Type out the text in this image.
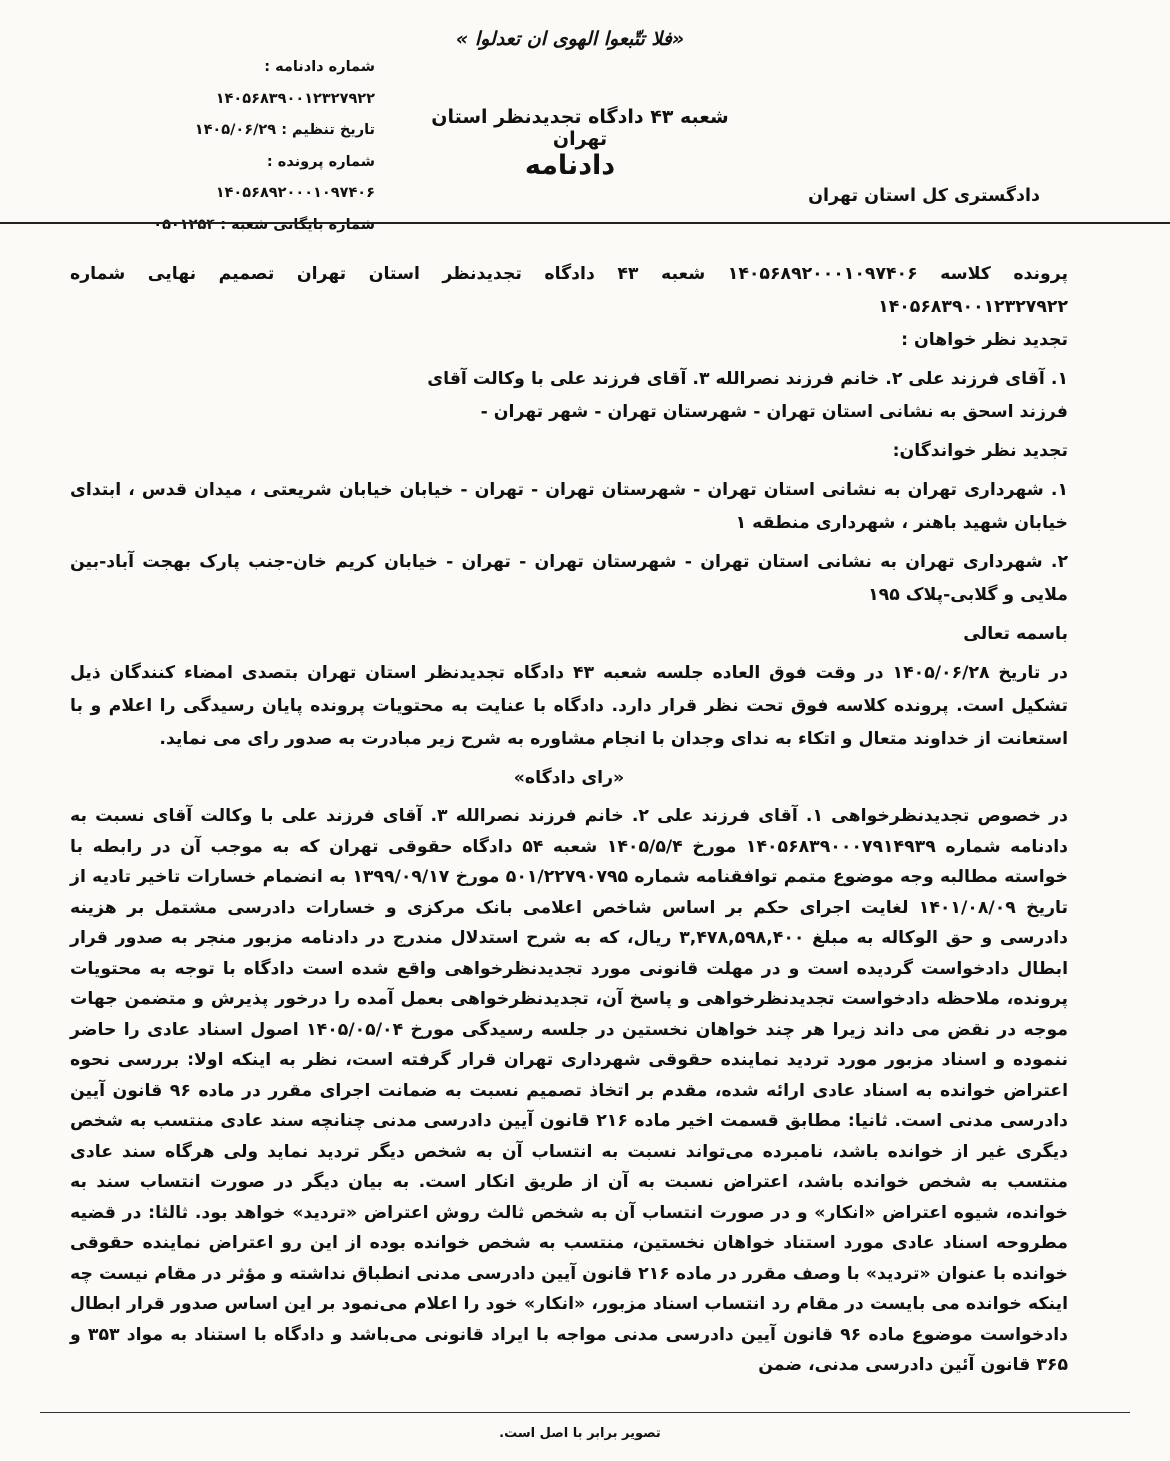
«فلا تتّبعوا الهوی ان تعدلوا »
شماره دادنامه : ۱۴۰۵۶۸۳۹۰۰۱۲۳۲۷۹۲۲
تاریخ تنظیم : ۱۴۰۵/۰۶/۲۹
شماره پرونده : ۱۴۰۵۶۸۹۲۰۰۰۱۰۹۷۴۰۶
شماره بایگانی شعبه : ۰۵۰۱۲۵۴
شعبه ۴۳ دادگاه تجدیدنظر استان تهران
دادنامه
دادگستری کل استان تهران

پرونده کلاسه ۱۴۰۵۶۸۹۲۰۰۰۱۰۹۷۴۰۶ شعبه ۴۳ دادگاه تجدیدنظر استان تهران تصمیم نهایی شماره ۱۴۰۵۶۸۳۹۰۰۱۲۳۲۷۹۲۲

تجدید نظر خواهان :

۱. آقای فرزند علی ۲. خانم فرزند نصرالله ۳. آقای فرزند علی با وکالت آقای

فرزند اسحق به نشانی استان تهران - شهرستان تهران - شهر تهران -

تجدید نظر خواندگان:

۱. شهرداری تهران به نشانی استان تهران - شهرستان تهران - تهران - خیابان خیابان شریعتی ، میدان قدس ، ابتدای خیابان شهید باهنر ، شهرداری منطقه ۱

۲. شهرداری تهران به نشانی استان تهران - شهرستان تهران - تهران - خیابان کریم خان-جنب پارک بهجت آباد-بین ملایی و گلابی-پلاک ۱۹۵

باسمه تعالی

در تاریخ ۱۴۰۵/۰۶/۲۸ در وقت فوق العاده جلسه شعبه ۴۳ دادگاه تجدیدنظر استان تهران بتصدی امضاء کنندگان ذیل تشکیل است. پرونده کلاسه فوق تحت نظر قرار دارد. دادگاه با عنایت به محتویات پرونده پایان رسیدگی را اعلام و با استعانت از خداوند متعال و اتکاء به ندای وجدان با انجام مشاوره به شرح زیر مبادرت به صدور رای می نماید.

«رای دادگاه»

در خصوص تجدیدنظرخواهی ۱. آقای فرزند علی ۲. خانم فرزند نصرالله ۳. آقای فرزند علی با وکالت آقای نسبت به دادنامه شماره ۱۴۰۵۶۸۳۹۰۰۰۷۹۱۴۹۳۹ مورخ ۱۴۰۵/۵/۴ شعبه ۵۴ دادگاه حقوقی تهران که به موجب آن در رابطه با خواسته مطالبه وجه موضوع متمم توافقنامه شماره ۵۰۱/۲۲۷۹۰۷۹۵ مورخ ۱۳۹۹/۰۹/۱۷ به انضمام خسارات تاخیر تادیه از تاریخ ۱۴۰۱/۰۸/۰۹ لغایت اجرای حکم بر اساس شاخص اعلامی بانک مرکزی و خسارات دادرسی مشتمل بر هزینه دادرسی و حق الوکاله به مبلغ ۳,۴۷۸,۵۹۸,۴۰۰ ریال، که به شرح استدلال مندرج در دادنامه مزبور منجر به صدور قرار ابطال دادخواست گردیده است و در مهلت قانونی مورد تجدیدنظرخواهی واقع شده است دادگاه با توجه به محتویات پرونده، ملاحظه دادخواست تجدیدنظرخواهی و پاسخ آن، تجدیدنظرخواهی بعمل آمده را درخور پذیرش و متضمن جهات موجه در نقض می داند زیرا هر چند خواهان نخستین در جلسه رسیدگی مورخ ۱۴۰۵/۰۵/۰۴ اصول اسناد عادی را حاضر ننموده و اسناد مزبور مورد تردید نماینده حقوقی شهرداری تهران قرار گرفته است، نظر به اینکه اولا: بررسی نحوه اعتراض خوانده به اسناد عادی ارائه شده، مقدم بر اتخاذ تصمیم نسبت به ضمانت اجرای مقرر در ماده ۹۶ قانون آیین دادرسی مدنی است. ثانیا: مطابق قسمت اخیر ماده ۲۱۶ قانون آیین دادرسی مدنی چنانچه سند عادی منتسب به شخص دیگری غیر از خوانده باشد، نامبرده می‌تواند نسبت به انتساب آن به شخص دیگر تردید نماید ولی هرگاه سند عادی منتسب به شخص خوانده باشد، اعتراض نسبت به آن از طریق انکار است. به بیان دیگر در صورت انتساب سند به خوانده، شیوه اعتراض «انکار» و در صورت انتساب آن به شخص ثالث روش اعتراض «تردید» خواهد بود. ثالثا: در قضیه مطروحه اسناد عادی مورد استناد خواهان نخستین، منتسب به شخص خوانده بوده از این رو اعتراض نماینده حقوقی خوانده با عنوان «تردید» با وصف مقرر در ماده ۲۱۶ قانون آیین دادرسی مدنی انطباق نداشته و مؤثر در مقام نیست چه اینکه خوانده می بایست در مقام رد انتساب اسناد مزبور، «انکار» خود را اعلام می‌نمود بر این اساس صدور قرار ابطال دادخواست موضوع ماده ۹۶ قانون آیین دادرسی مدنی مواجه با ایراد قانونی می‌باشد و دادگاه با استناد به مواد ۳۵۳ و ۳۶۵ قانون آئین دادرسی مدنی، ضمن

تصویر برابر با اصل است.
